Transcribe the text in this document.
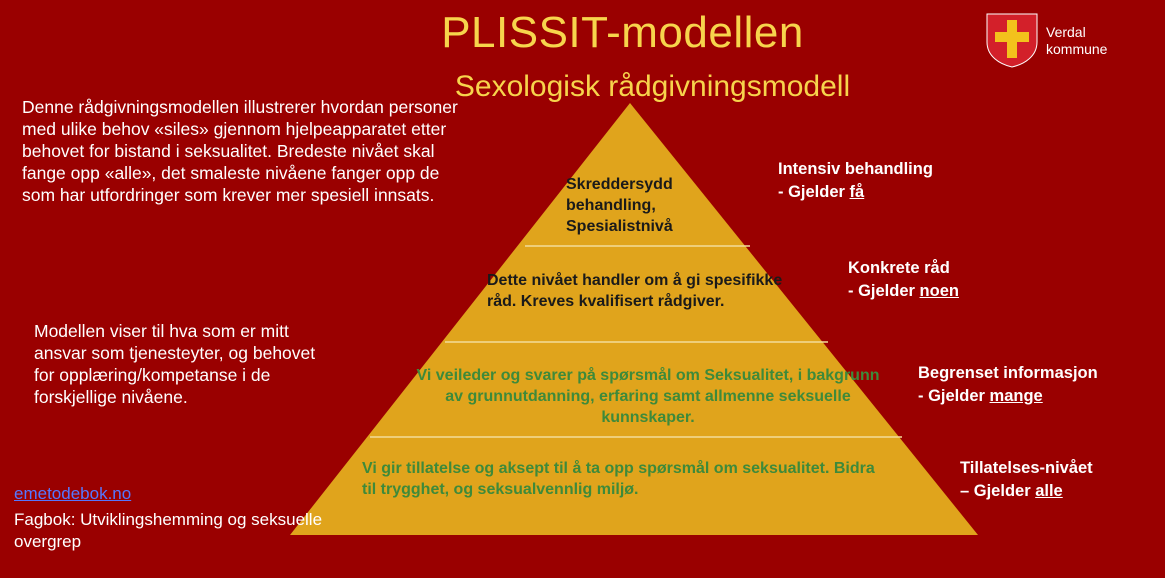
PLISSIT-modellen
Sexologisk rådgivningsmodell
Verdal
kommune
Denne rådgivningsmodellen illustrerer hvordan personer med ulike behov «siles» gjennom hjelpeapparatet etter behovet for bistand i seksualitet. Bredeste nivået skal fange opp «alle», det smaleste nivåene fanger opp de som har utfordringer som krever mer spesiell innsats.
Modellen viser til hva som er mitt ansvar som tjenesteyter, og behovet for opplæring/kompetanse i de forskjellige nivåene.
emetodebok.no
Fagbok: Utviklingshemming og seksuelle overgrep
Skreddersydd behandling, Spesialistnivå
Dette nivået handler om å gi spesifikke råd. Kreves kvalifisert rådgiver.
Vi veileder og svarer på spørsmål om Seksualitet, i bakgrunn av grunnutdanning, erfaring samt allmenne seksuelle kunnskaper.
Vi gir tillatelse og aksept til å ta opp spørsmål om seksualitet. Bidra til trygghet, og seksualvennlig miljø.
Intensiv behandling
- Gjelder få
Konkrete råd
- Gjelder noen
Begrenset informasjon
- Gjelder mange
Tillatelses-nivået
– Gjelder alle
